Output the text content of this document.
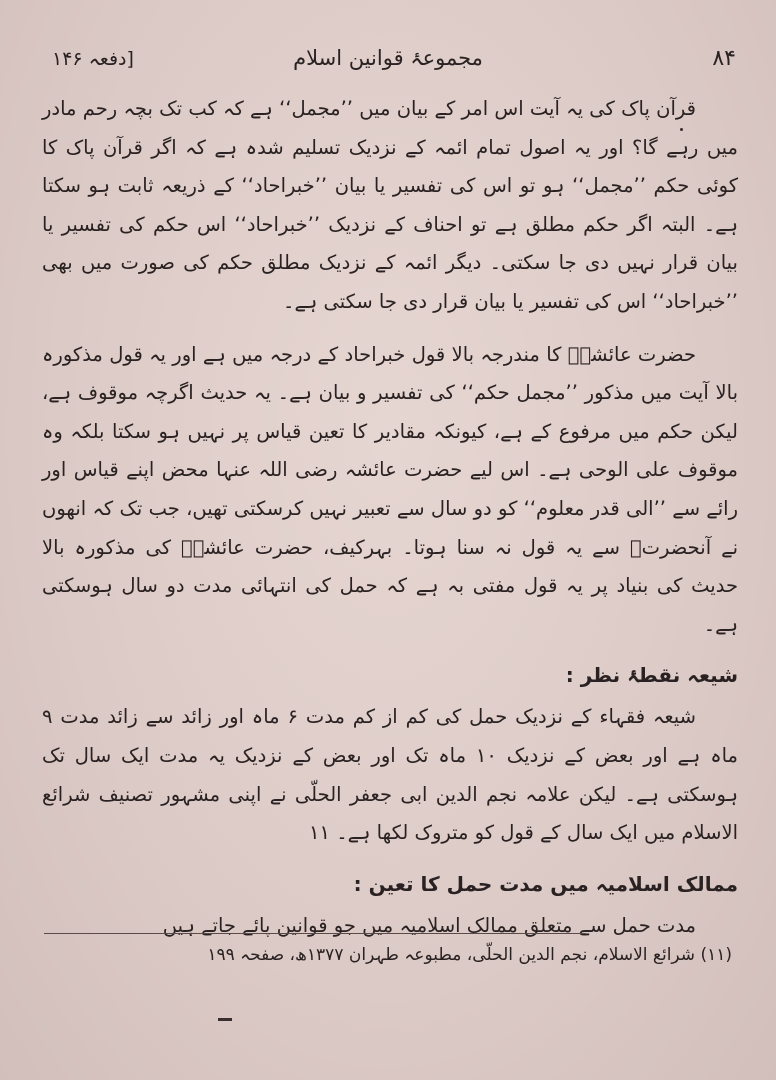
۸۴
مجموعۂ قوانین اسلام
[دفعہ ۱۴۶

قرآن پاک کی یہ آیت اس امر کے بیان میں ’’مجمل‘‘ ہے کہ کب تک بچہ رحم مادر میں رہے گا؟ اور یہ اصول تمام ائمہ کے نزدیک تسلیم شدہ ہے کہ اگر قرآن پاک کا کوئی حکم ’’مجمل‘‘ ہو تو اس کی تفسیر یا بیان ’’خبراحاد‘‘ کے ذریعہ ثابت ہو سکتا ہے۔ البتہ اگر حکم مطلق ہے تو احناف کے نزدیک ’’خبراحاد‘‘ اس حکم کی تفسیر یا بیان قرار نہیں دی جا سکتی۔ دیگر ائمہ کے نزدیک مطلق حکم کی صورت میں بھی ’’خبراحاد‘‘ اس کی تفسیر یا بیان قرار دی جا سکتی ہے۔

حضرت عائشہؓ کا مندرجہ بالا قول خبراحاد کے درجہ میں ہے اور یہ قول مذکورہ بالا آیت میں مذکور ’’مجمل حکم‘‘ کی تفسیر و بیان ہے۔ یہ حدیث اگرچہ موقوف ہے، لیکن حکم میں مرفوع کے ہے، کیونکہ مقادیر کا تعین قیاس پر نہیں ہو سکتا بلکہ وہ موقوف علی الوحی ہے۔ اس لیے حضرت عائشہ رضی اللہ عنہا محض اپنے قیاس اور رائے سے ’’الی قدر معلوم‘‘ کو دو سال سے تعبیر نہیں کرسکتی تھیں، جب تک کہ انھوں نے آنحضرتؐ سے یہ قول نہ سنا ہوتا۔ بہرکیف، حضرت عائشہؓ کی مذکورہ بالا حدیث کی بنیاد پر یہ قول مفتی بہ ہے کہ حمل کی انتہائی مدت دو سال ہوسکتی ہے۔

شیعہ نقطۂ نظر :

شیعہ فقہاء کے نزدیک حمل کی کم از کم مدت ۶ ماہ اور زائد سے زائد مدت ۹ ماہ ہے اور بعض کے نزدیک ۱۰ ماہ تک اور بعض کے نزدیک یہ مدت ایک سال تک ہوسکتی ہے۔ لیکن علامہ نجم الدین ابی جعفر الحلّی نے اپنی مشہور تصنیف شرائع الاسلام میں ایک سال کے قول کو متروک لکھا ہے۔ ۱۱

ممالک اسلامیہ میں مدت حمل کا تعین :

مدت حمل سے متعلق ممالک اسلامیہ میں جو قوانین پائے جاتے ہیں

(۱۱) شرائع الاسلام، نجم الدین الحلّی، مطبوعہ طہران ۱۳۷۷ھ، صفحہ ۱۹۹
